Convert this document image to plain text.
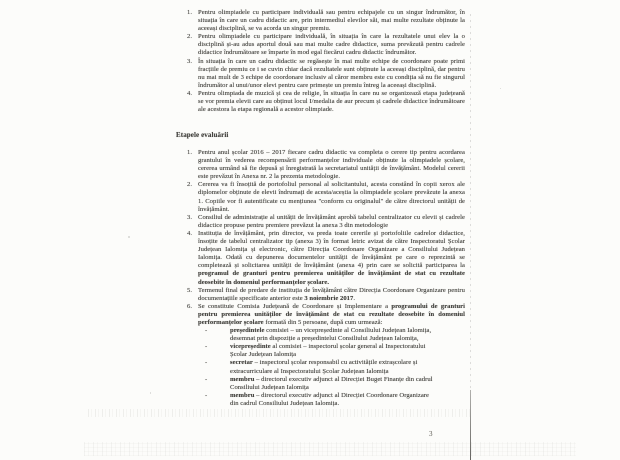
1. Pentru olimpiadele cu participare individuală sau pentru echipajele cu un singur îndrumător, în situația în care un cadru didactic are, prin intermediul elevilor săi, mai multe rezultate obținute la aceeași disciplină, se va acorda un singur premiu.
2. Pentru olimpiadele cu participare individuală, în situația în care la rezultatele unui elev la o disciplină și-au adus aportul două sau mai multe cadre didactice, suma prevăzută pentru cadrele didactice îndrumătoare se împarte în mod egal fiecărui cadru didactic îndrumător.
3. În situația în care un cadru didactic se regăsește în mai multe echipe de coordonare poate primi fracțiile de premiu ce i se cuvin chiar dacă rezultatele sunt obținute la aceeași disciplină, dar pentru nu mai mult de 3 echipe de coordonare inclusiv al căror membru este cu condiția să nu fie singurul îndrumător al unui/unor elevi pentru care primește un premiu întreg la aceeași disciplină.
4. Pentru olimpiada de muzică și cea de religie, în situația în care nu se organizează etapa județeană se vor premia elevii care au obținut locul I/medalia de aur precum și cadrele didactice îndrumătoare ale acestora la etapa regională a acestor olimpiade.
Etapele evaluării
1. Pentru anul școlar 2016 – 2017 fiecare cadru didactic va completa o cerere tip pentru acordarea grantului în vederea recompensării performanțelor individuale obținute la olimpiadele școlare, cererea urmând să fie depusă și înregistrată la secretariatul unității de învățământ. Modelul cererii este prevăzut în Anexa nr. 2 la prezenta metodologie.
2. Cererea va fi însoțită de portofoliul personal al solicitantului, acesta constând în copii xerox ale diplomelor obținute de elevii îndrumați de acesta/aceștia la olimpiadele școlare prevăzute la anexa 1. Copiile vor fi autentificate cu mențiunea "conform cu originalul" de către directorul unității de învățământ.
3. Consiliul de administrație al unității de învățământ aprobă tabelul centralizator cu elevii și cadrele didactice propuse pentru premiere prevăzut la anexa 3 din metodologie
4. Instituția de învățământ, prin director, va preda toate cererile și portofoliile cadrelor didactice, însoțite de tabelul centralizator tip (anexa 3) în format letric avizat de către Inspectoratul Școlar Județean Ialomița și electronic, către Direcția Coordonare Organizare a Consiliului Județean Ialomița. Odată cu depunerea documentelor unității de învățământ pe care o reprezintă se completează și solicitarea unității de învățământ (anexa 4) prin care se solicită participarea la programul de granturi pentru premierea unităților de învățământ de stat cu rezultate deosebite în domeniul performanțelor școlare.
5. Termenul final de predare de instituția de învățământ către Direcția Coordonare Organizare pentru documentațiile specificate anterior este 3 noiembrie 2017.
6. Se constituie Comisia Județeană de Coordonare și Implementare a programului de granturi pentru premierea unităților de învățământ de stat cu rezultate deosebite în domeniul performanțelor școlare formată din 5 persoane, după cum urmează:
-	președintele comisiei – un vicepreședinte al Consiliului Județean Ialomița, desemnat prin dispoziție a președintelui Consiliului Județean Ialomița,
-	vicepreședinte al comisiei – inspectorul școlar general al Inspectoratului Școlar Județean Ialomița
-	secretar – inspectorul școlar responsabil cu activitățile extrașcolare și extracurriculare al Inspectoratului Școlar Județean Ialomița
-	membru – directorul executiv adjunct al Direcției Buget Finanțe din cadrul Consiliului Județean Ialomița
-	membru – directorul executiv adjunct al Direcției Coordonare Organizare din cadrul Consiliului Județean Ialomița.
3
